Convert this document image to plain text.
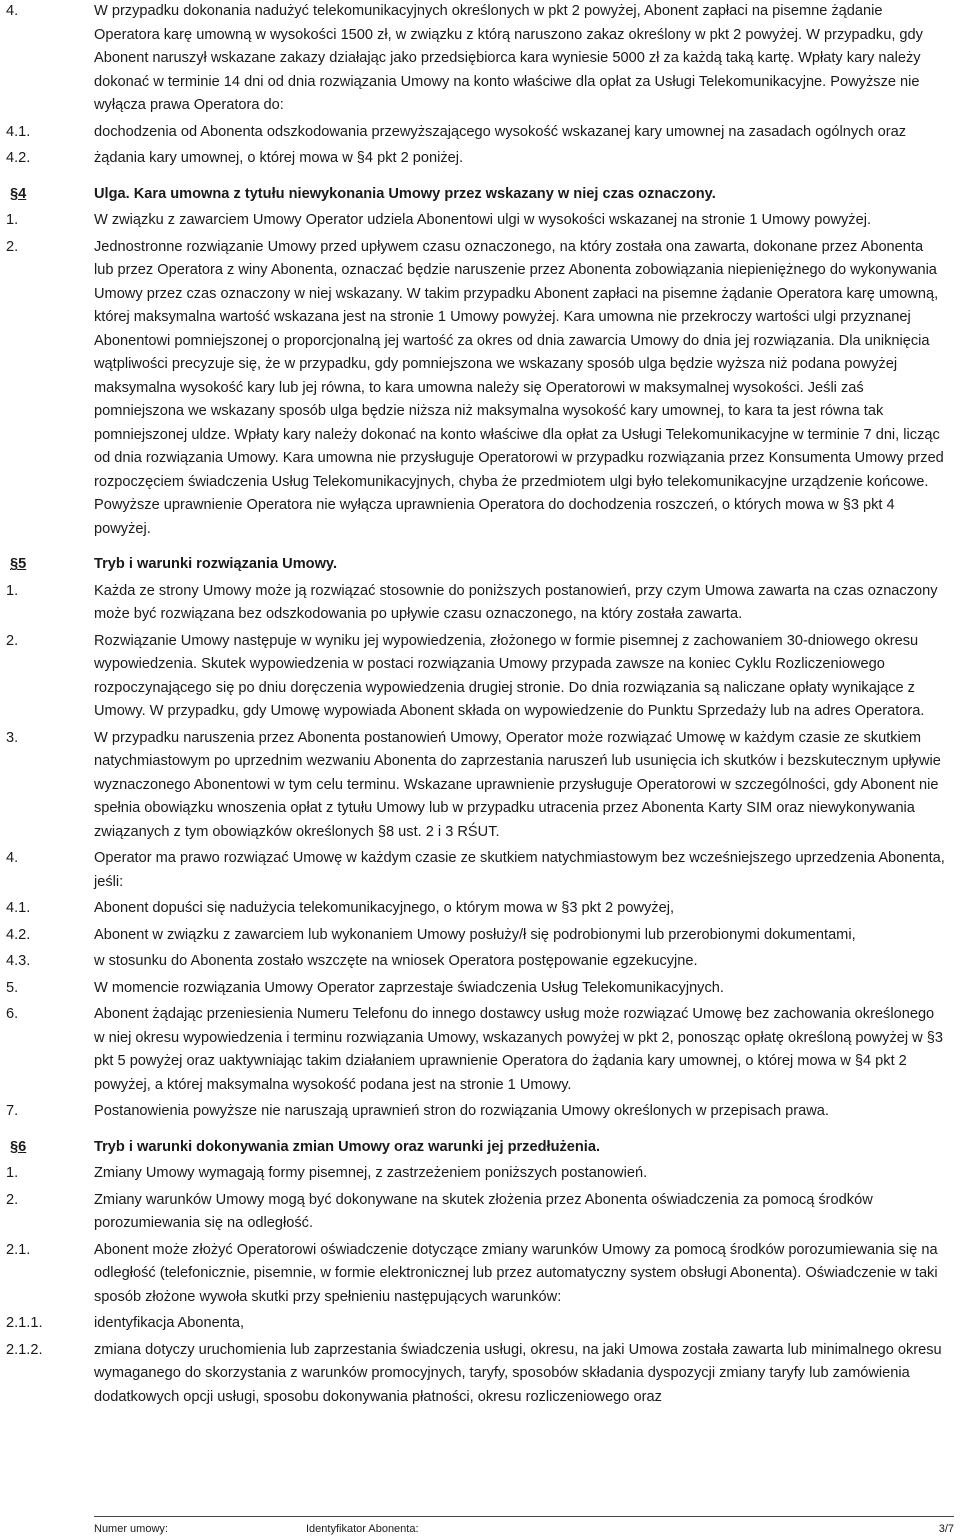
4.	W przypadku dokonania nadużyć telekomunikacyjnych określonych w pkt 2 powyżej, Abonent zapłaci na pisemne żądanie Operatora karę umowną w wysokości 1500 zł, w związku z którą naruszono zakaz określony w pkt 2 powyżej. W przypadku, gdy Abonent naruszył wskazane zakazy działając jako przedsiębiorca kara wyniesie 5000 zł za każdą taką kartę. Wpłaty kary należy dokonać w terminie 14 dni od dnia rozwiązania Umowy na konto właściwe dla opłat za Usługi Telekomunikacyjne. Powyższe nie wyłącza prawa Operatora do:
4.1.	dochodzenia od Abonenta odszkodowania przewyższającego wysokość wskazanej kary umownej na zasadach ogólnych oraz
4.2.	żądania kary umownej, o której mowa w §4 pkt 2 poniżej.
§4	Ulga. Kara umowna z tytułu niewykonania Umowy przez wskazany w niej czas oznaczony.
1.	W związku z zawarciem Umowy Operator udziela Abonentowi ulgi w wysokości wskazanej na stronie 1 Umowy powyżej.
2.	Jednostronne rozwiązanie Umowy przed upływem czasu oznaczonego, na który została ona zawarta, dokonane przez Abonenta lub przez Operatora z winy Abonenta, oznaczać będzie naruszenie przez Abonenta zobowiązania niepieniężnego do wykonywania Umowy przez czas oznaczony w niej wskazany. W takim przypadku Abonent zapłaci na pisemne żądanie Operatora karę umowną, której maksymalna wartość wskazana jest na stronie 1 Umowy powyżej. Kara umowna nie przekroczy wartości ulgi przyznanej Abonentowi pomniejszonej o proporcjonalną jej wartość za okres od dnia zawarcia Umowy do dnia jej rozwiązania. Dla uniknięcia wątpliwości precyzuje się, że w przypadku, gdy pomniejszona we wskazany sposób ulga będzie wyższa niż podana powyżej maksymalna wysokość kary lub jej równa, to kara umowna należy się Operatorowi w maksymalnej wysokości. Jeśli zaś pomniejszona we wskazany sposób ulga będzie niższa niż maksymalna wysokość kary umownej, to kara ta jest równa tak pomniejszonej uldze. Wpłaty kary należy dokonać na konto właściwe dla opłat za Usługi Telekomunikacyjne w terminie 7 dni, licząc od dnia rozwiązania Umowy. Kara umowna nie przysługuje Operatorowi w przypadku rozwiązania przez Konsumenta Umowy przed rozpoczęciem świadczenia Usług Telekomunikacyjnych, chyba że przedmiotem ulgi było telekomunikacyjne urządzenie końcowe. Powyższe uprawnienie Operatora nie wyłącza uprawnienia Operatora do dochodzenia roszczeń, o których mowa w §3 pkt 4 powyżej.
§5	Tryb i warunki rozwiązania Umowy.
1.	Każda ze strony Umowy może ją rozwiązać stosownie do poniższych postanowień, przy czym Umowa zawarta na czas oznaczony może być rozwiązana bez odszkodowania po upływie czasu oznaczonego, na który została zawarta.
2.	Rozwiązanie Umowy następuje w wyniku jej wypowiedzenia, złożonego w formie pisemnej z zachowaniem 30-dniowego okresu wypowiedzenia. Skutek wypowiedzenia w postaci rozwiązania Umowy przypada zawsze na koniec Cyklu Rozliczeniowego rozpoczynającego się po dniu doręczenia wypowiedzenia drugiej stronie. Do dnia rozwiązania są naliczane opłaty wynikające z Umowy. W przypadku, gdy Umowę wypowiada Abonent składa on wypowiedzenie do Punktu Sprzedaży lub na adres Operatora.
3.	W przypadku naruszenia przez Abonenta postanowień Umowy, Operator może rozwiązać Umowę w każdym czasie ze skutkiem natychmiastowym po uprzednim wezwaniu Abonenta do zaprzestania naruszeń lub usunięcia ich skutków i bezskutecznym upływie wyznaczonego Abonentowi w tym celu terminu. Wskazane uprawnienie przysługuje Operatorowi w szczególności, gdy Abonent nie spełnia obowiązku wnoszenia opłat z tytułu Umowy lub w przypadku utracenia przez Abonenta Karty SIM oraz niewykonywania związanych z tym obowiązków określonych §8 ust. 2 i 3 RŚUT.
4.	Operator ma prawo rozwiązać Umowę w każdym czasie ze skutkiem natychmiastowym bez wcześniejszego uprzedzenia Abonenta, jeśli:
4.1.	Abonent dopuści się nadużycia telekomunikacyjnego, o którym mowa w §3 pkt 2 powyżej,
4.2.	Abonent w związku z zawarciem lub wykonaniem Umowy posłuży/ł się podrobionymi lub przerobionymi dokumentami,
4.3.	w stosunku do Abonenta zostało wszczęte na wniosek Operatora postępowanie egzekucyjne.
5.	W momencie rozwiązania Umowy Operator zaprzestaje świadczenia Usług Telekomunikacyjnych.
6.	Abonent żądając przeniesienia Numeru Telefonu do innego dostawcy usług może rozwiązać Umowę bez zachowania określonego w niej okresu wypowiedzenia i terminu rozwiązania Umowy, wskazanych powyżej w pkt 2, ponosząc opłatę określoną powyżej w §3 pkt 5 powyżej oraz uaktywniając takim działaniem uprawnienie Operatora do żądania kary umownej, o której mowa w §4 pkt 2 powyżej, a której maksymalna wysokość podana jest na stronie 1 Umowy.
7.	Postanowienia powyższe nie naruszają uprawnień stron do rozwiązania Umowy określonych w przepisach prawa.
§6	Tryb i warunki dokonywania zmian Umowy oraz warunki jej przedłużenia.
1.	Zmiany Umowy wymagają formy pisemnej, z zastrzeżeniem poniższych postanowień.
2.	Zmiany warunków Umowy mogą być dokonywane na skutek złożenia przez Abonenta oświadczenia za pomocą środków porozumiewania się na odległość.
2.1.	Abonent może złożyć Operatorowi oświadczenie dotyczące zmiany warunków Umowy za pomocą środków porozumiewania się na odległość (telefonicznie, pisemnie, w formie elektronicznej lub przez automatyczny system obsługi Abonenta). Oświadczenie w taki sposób złożone wywoła skutki przy spełnieniu następujących warunków:
2.1.1.	identyfikacja Abonenta,
2.1.2.	zmiana dotyczy uruchomienia lub zaprzestania świadczenia usługi, okresu, na jaki Umowa została zawarta lub minimalnego okresu wymaganego do skorzystania z warunków promocyjnych, taryfy, sposobów składania dyspozycji zmiany taryfy lub zamówienia dodatkowych opcji usługi, sposobu dokonywania płatności, okresu rozliczeniowego oraz
Numer umowy:	Identyfikator Abonenta:	3/7
